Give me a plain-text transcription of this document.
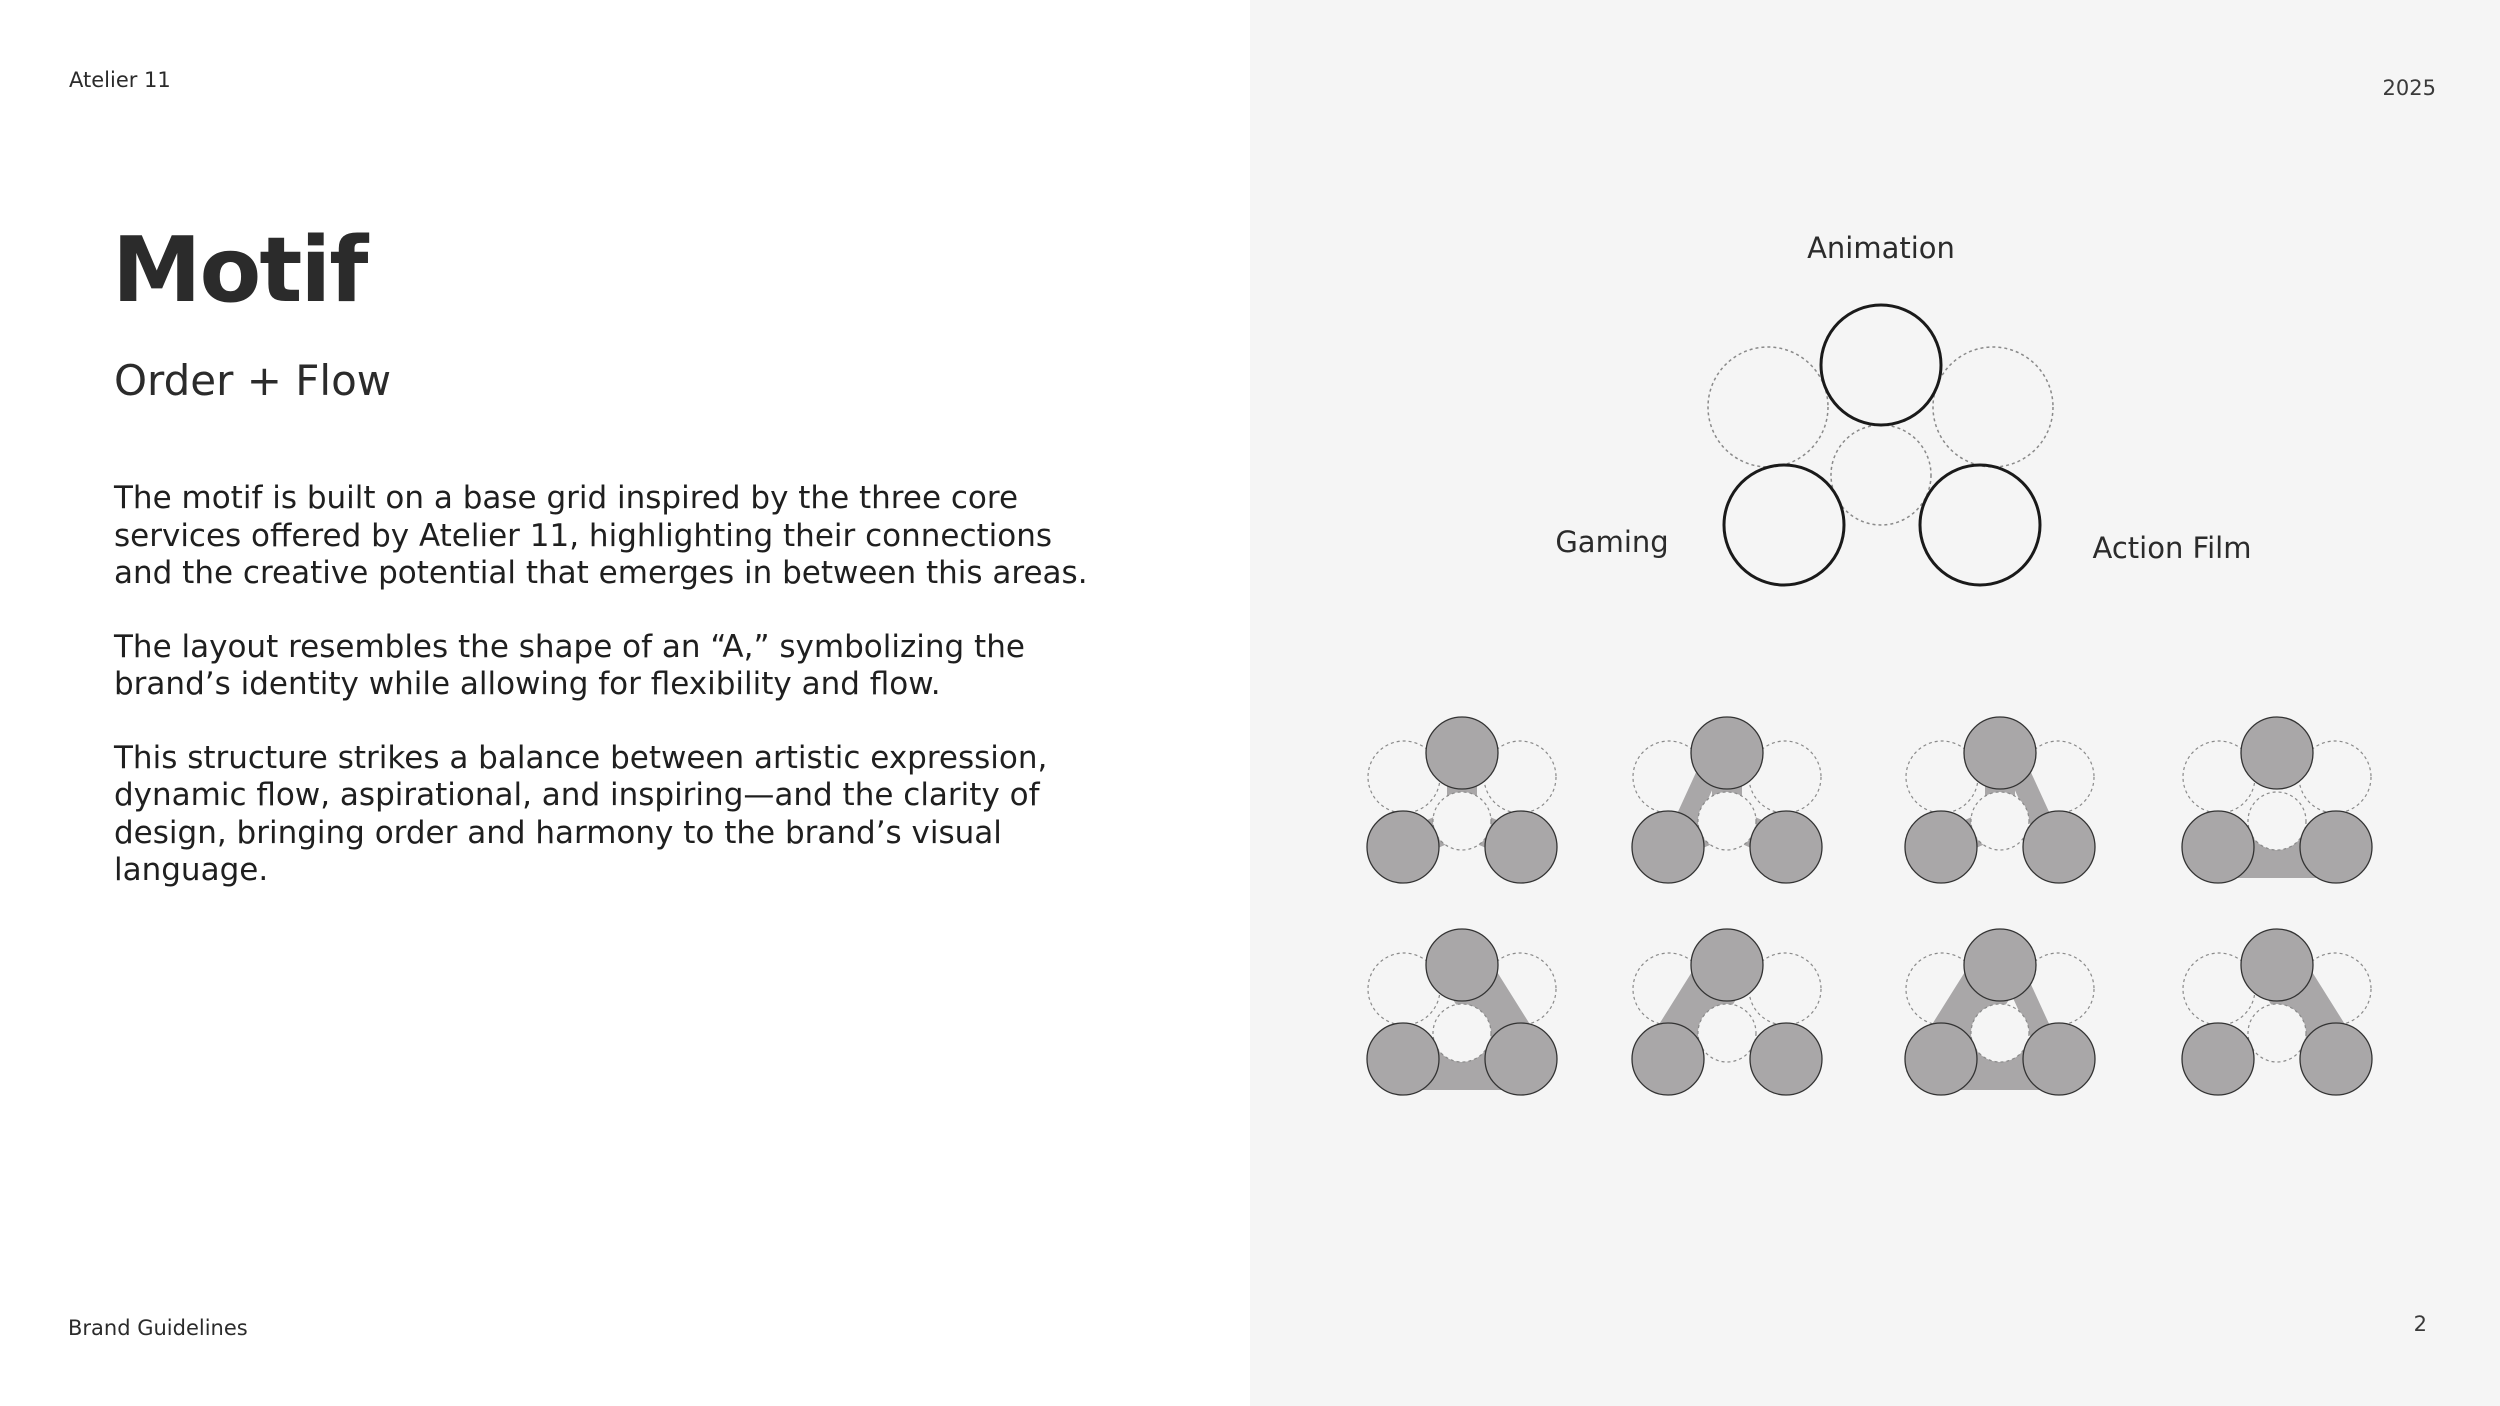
Atelier 11	2025
Motif
Order + Flow

The motif is built on a base grid inspired by the three core services offered by Atelier 11, highlighting their connections and the creative potential that emerges in between this areas.

The layout resembles the shape of an “A,” symbolizing the brand’s identity while allowing for flexibility and flow.

This structure strikes a balance between artistic expression, dynamic flow, aspirational, and inspiring—and the clarity of design, bringing order and harmony to the brand’s visual language.

Animation
Gaming	Action Film
Brand Guidelines	2
